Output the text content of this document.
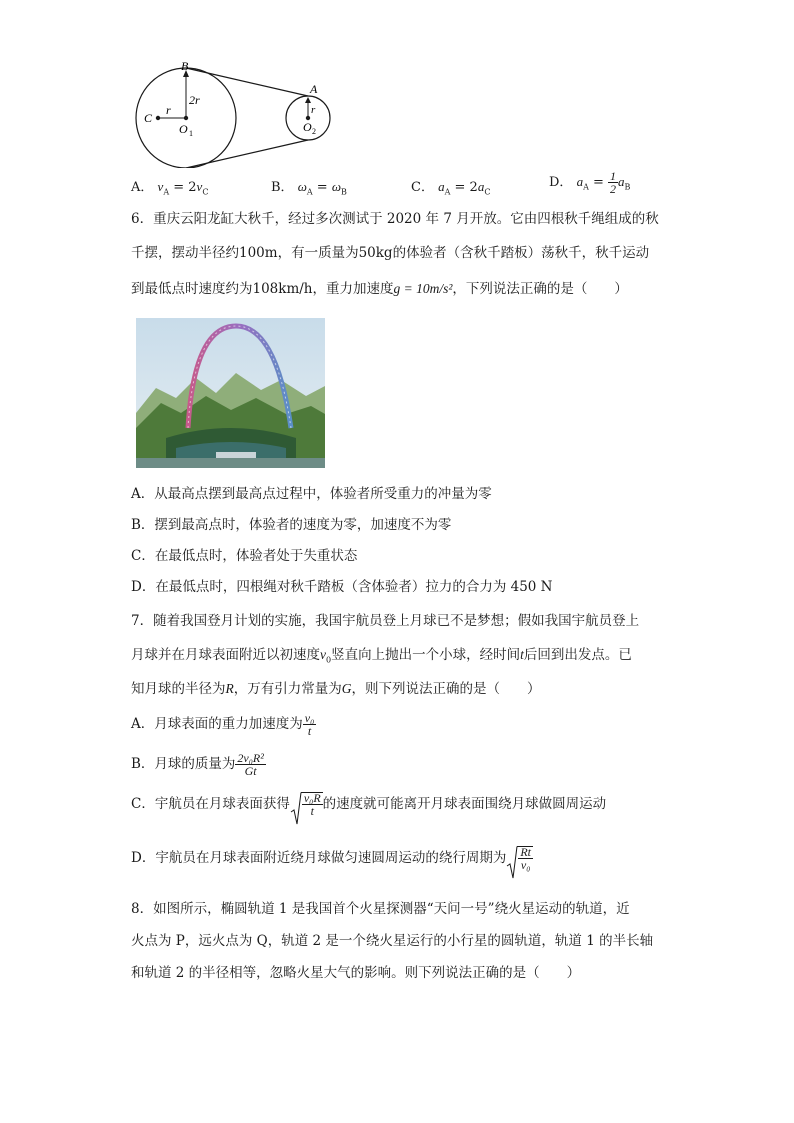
B
A
C
r
2r
O 1
r
O 2
A． $v_A = 2v_C$	B． $\omega_A = \omega_B$	C． $a_A = 2a_C$
D． $a_A = \frac{1}{2} a_B$
6．重庆云阳龙缸大秋千，经过多次测试于 2020 年 7 月开放。它由四根秋千绳组成的秋
千摆，摆动半径约100m，有一质量为50kg的体验者（含秋千踏板）荡秋千，秋千运动
到最低点时速度约为108km/h，重力加速度g = 10m/s²，下列说法正确的是（　　）
A．从最高点摆到最高点过程中，体验者所受重力的冲量为零
B．摆到最高点时，体验者的速度为零，加速度不为零
C．在最低点时，体验者处于失重状态
D．在最低点时，四根绳对秋千踏板（含体验者）拉力的合力为 450 N
7．随着我国登月计划的实施，我国宇航员登上月球已不是梦想；假如我国宇航员登上
月球并在月球表面附近以初速度$v_0$竖直向上抛出一个小球，经时间t后回到出发点。已
知月球的半径为R，万有引力常量为G，则下列说法正确的是（　　）
A．月球表面的重力加速度为 $\frac{\text{v₀}}{t}$
B．月球的质量为 $\frac{\text{2v₀R²}}{Gt}$
C．宇航员在月球表面获得 $\frac{\text{v₀R}}{t}$ 的速度就可能离开月球表面围绕月球做圆周运动
D．宇航员在月球表面附近绕月球做匀速圆周运动的绕行周期为 $\frac{Rt}{\text{v₀}}$
8．如图所示，椭圆轨道 1 是我国首个火星探测器“天问一号”绕火星运动的轨道，近
火点为 P，远火点为 Q，轨道 2 是一个绕火星运行的小行星的圆轨道，轨道 1 的半长轴
和轨道 2 的半径相等，忽略火星大气的影响。则下列说法正确的是（　　）
